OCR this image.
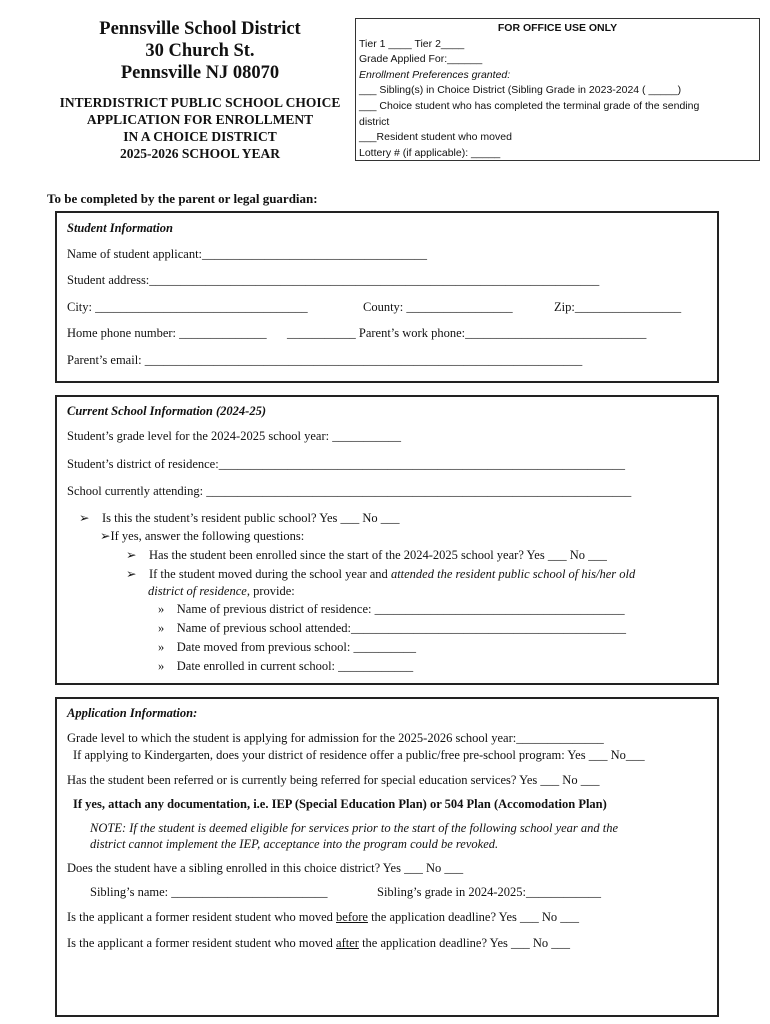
Pennsville School District
30 Church St.
Pennsville NJ 08070
INTERDISTRICT PUBLIC SCHOOL CHOICE
APPLICATION FOR ENROLLMENT
IN A CHOICE DISTRICT
2025-2026 SCHOOL YEAR
FOR OFFICE USE ONLY
Tier 1 ____ Tier 2____
Grade Applied For:______
Enrollment Preferences granted:
___ Sibling(s) in Choice District (Sibling Grade in 2023-2024 ( _____)
___ Choice student who has completed the terminal grade of the sending
district
___Resident student who moved
Lottery # (if applicable): _____
To be completed by the parent or legal guardian:
Student Information
Name of student applicant:____________________________________
Student address:________________________________________________________________________
City: __________________________________	County: _________________	Zip:_________________
Home phone number: ______________ ___________ Parent’s work phone:_____________________________
Parent’s email: ______________________________________________________________________
Current School Information (2024-25)
Student’s grade level for the 2024-2025 school year: ___________
Student’s district of residence:_________________________________________________________________
School currently attending: ____________________________________________________________________
➢ Is this the student’s resident public school? Yes ___ No ___
➢If yes, answer the following questions:
➢ Has the student been enrolled since the start of the 2024-2025 school year? Yes ___ No ___
➢ If the student moved during the school year and attended the resident public school of his/her old
district of residence, provide:
» Name of previous district of residence: ________________________________________
» Name of previous school attended:____________________________________________
» Date moved from previous school: __________
» Date enrolled in current school: ____________
Application Information:
Grade level to which the student is applying for admission for the 2025-2026 school year:______________
If applying to Kindergarten, does your district of residence offer a public/free pre-school program: Yes ___ No___
Has the student been referred or is currently being referred for special education services? Yes ___ No ___
If yes, attach any documentation, i.e. IEP (Special Education Plan) or 504 Plan (Accomodation Plan)
NOTE: If the student is deemed eligible for services prior to the start of the following school year and the
district cannot implement the IEP, acceptance into the program could be revoked.
Does the student have a sibling enrolled in this choice district? Yes ___ No ___
Sibling’s name: _________________________	Sibling’s grade in 2024-2025:____________
Is the applicant a former resident student who moved before the application deadline? Yes ___ No ___
Is the applicant a former resident student who moved after the application deadline? Yes ___ No ___
